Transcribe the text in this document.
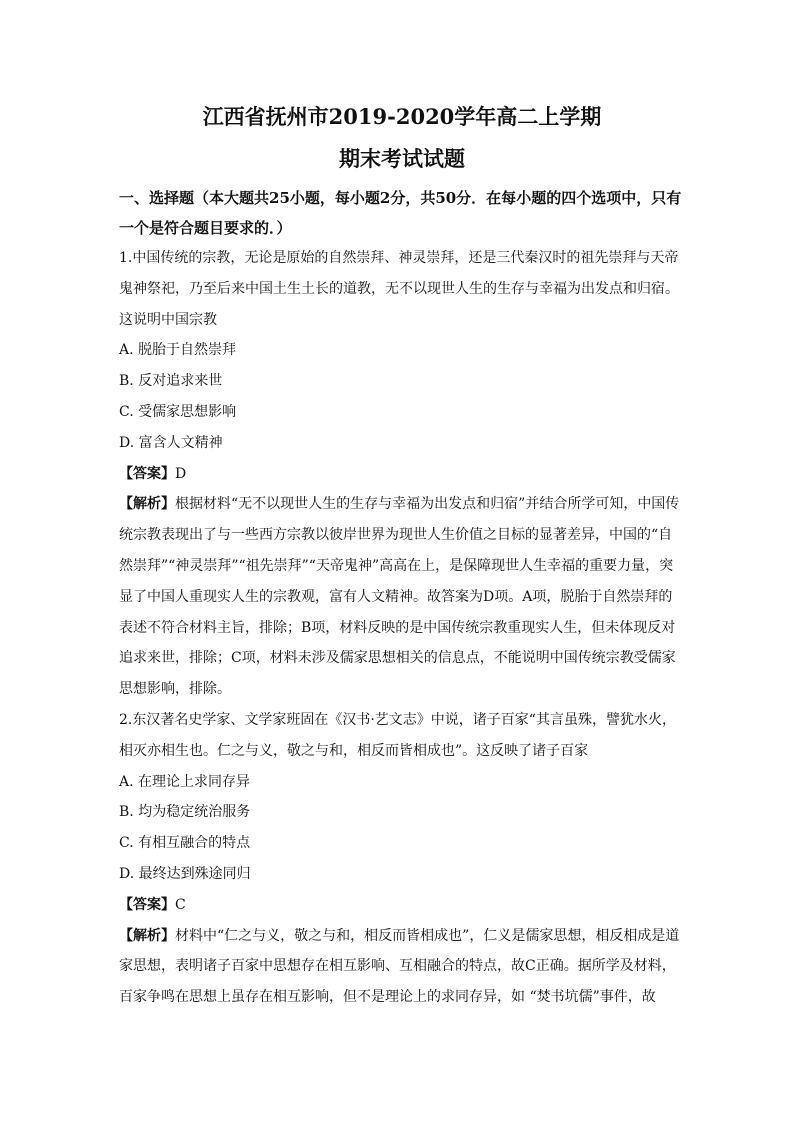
江西省抚州市2019-2020学年高二上学期
期末考试试题
一、选择题（本大题共25小题，每小题2分，共50分．在每小题的四个选项中，只有一个是符合题目要求的．）

1.中国传统的宗教，无论是原始的自然崇拜、神灵崇拜，还是三代秦汉时的祖先崇拜与天帝鬼神祭祀，乃至后来中国土生土长的道教，无不以现世人生的生存与幸福为出发点和归宿。这说明中国宗教

A. 脱胎于自然崇拜

B. 反对追求来世

C. 受儒家思想影响

D. 富含人文精神

【答案】D

【解析】根据材料“无不以现世人生的生存与幸福为出发点和归宿”并结合所学可知，中国传统宗教表现出了与一些西方宗教以彼岸世界为现世人生价值之目标的显著差异，中国的“自然崇拜”“神灵崇拜”“祖先崇拜”“天帝鬼神”高高在上，是保障现世人生幸福的重要力量，突显了中国人重现实人生的宗教观，富有人文精神。故答案为D项。A项，脱胎于自然崇拜的表述不符合材料主旨，排除；B项，材料反映的是中国传统宗教重现实人生，但未体现反对追求来世，排除；C项，材料未涉及儒家思想相关的信息点，不能说明中国传统宗教受儒家思想影响，排除。

2.东汉著名史学家、文学家班固在《汉书·艺文志》中说，诸子百家“其言虽殊，譬犹水火，相灭亦相生也。仁之与义，敬之与和，相反而皆相成也”。这反映了诸子百家

A. 在理论上求同存异

B. 均为稳定统治服务

C. 有相互融合的特点

D. 最终达到殊途同归

【答案】C

【解析】材料中“仁之与义，敬之与和，相反而皆相成也”，仁义是儒家思想，相反相成是道家思想，表明诸子百家中思想存在相互影响、互相融合的特点，故C正确。据所学及材料，百家争鸣在思想上虽存在相互影响，但不是理论上的求同存异，如 “焚书坑儒”事件，故
